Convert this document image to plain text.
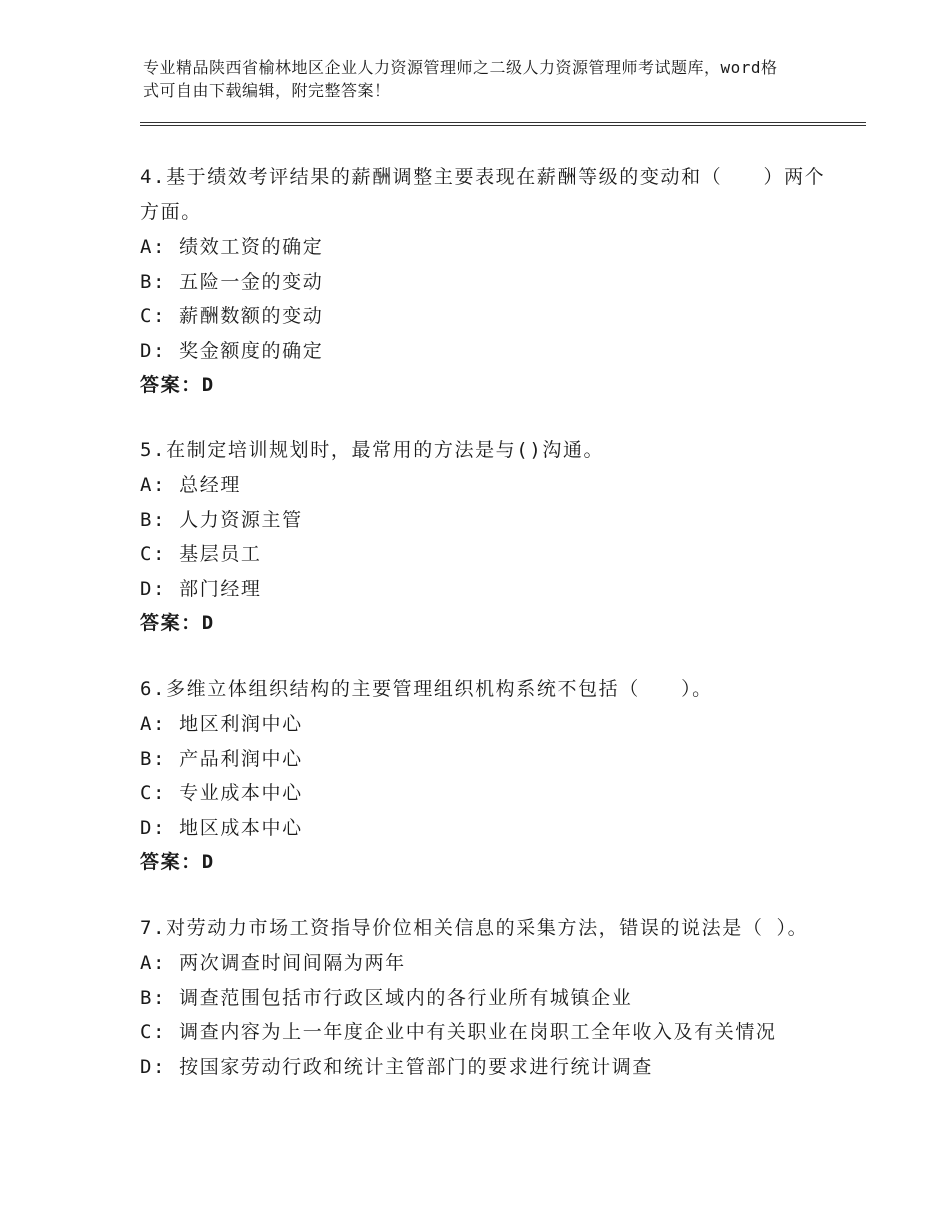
专业精品陕西省榆林地区企业人力资源管理师之二级人力资源管理师考试题库，word格式可自由下载编辑，附完整答案！

4.基于绩效考评结果的薪酬调整主要表现在薪酬等级的变动和（　　）两个方面。

A: 绩效工资的确定

B: 五险一金的变动

C: 薪酬数额的变动

D: 奖金额度的确定

答案：D

5.在制定培训规划时，最常用的方法是与()沟通。

A: 总经理

B: 人力资源主管

C: 基层员工

D: 部门经理

答案：D

6.多维立体组织结构的主要管理组织机构系统不包括（　　）。

A: 地区利润中心

B: 产品利润中心

C: 专业成本中心

D: 地区成本中心

答案：D

7.对劳动力市场工资指导价位相关信息的采集方法，错误的说法是（ ）。

A: 两次调查时间间隔为两年

B: 调查范围包括市行政区域内的各行业所有城镇企业

C: 调查内容为上一年度企业中有关职业在岗职工全年收入及有关情况

D: 按国家劳动行政和统计主管部门的要求进行统计调查
